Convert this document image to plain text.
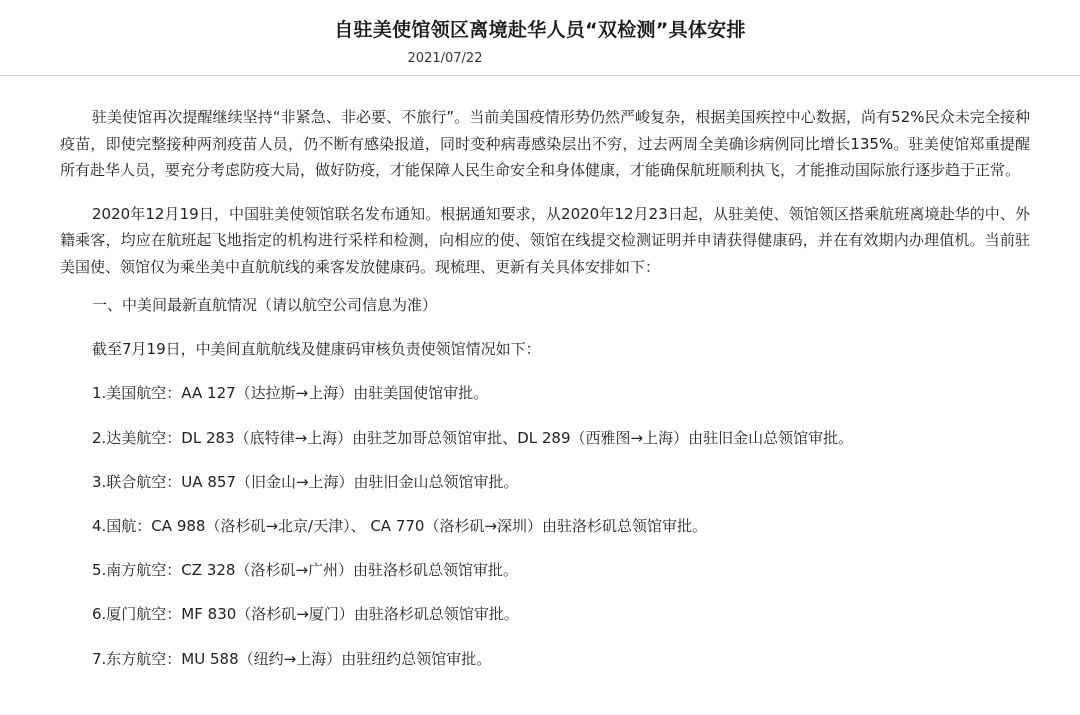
自驻美使馆领区离境赴华人员“双检测”具体安排
2021/07/22

驻美使馆再次提醒继续坚持“非紧急、非必要、不旅行”。当前美国疫情形势仍然严峻复杂，根据美国疾控中心数据，尚有52%民众未完全接种疫苗，即使完整接种两剂疫苗人员，仍不断有感染报道，同时变种病毒感染层出不穷，过去两周全美确诊病例同比增长135%。驻美使馆郑重提醒所有赴华人员，要充分考虑防疫大局，做好防疫，才能保障人民生命安全和身体健康，才能确保航班顺利执飞，才能推动国际旅行逐步趋于正常。

2020年12月19日，中国驻美使领馆联名发布通知。根据通知要求，从2020年12月23日起，从驻美使、领馆领区搭乘航班离境赴华的中、外籍乘客，均应在航班起飞地指定的机构进行采样和检测，向相应的使、领馆在线提交检测证明并申请获得健康码，并在有效期内办理值机。当前驻美国使、领馆仅为乘坐美中直航航线的乘客发放健康码。现梳理、更新有关具体安排如下：

一、中美间最新直航情况（请以航空公司信息为准）
截至7月19日，中美间直航航线及健康码审核负责使领馆情况如下：
1.美国航空：AA 127（达拉斯→上海）由驻美国使馆审批。
2.达美航空：DL 283（底特律→上海）由驻芝加哥总领馆审批、DL 289（西雅图→上海）由驻旧金山总领馆审批。
3.联合航空：UA 857（旧金山→上海）由驻旧金山总领馆审批。
4.国航：CA 988（洛杉矶→北京/天津）、 CA 770（洛杉矶→深圳）由驻洛杉矶总领馆审批。
5.南方航空：CZ 328（洛杉矶→广州）由驻洛杉矶总领馆审批。
6.厦门航空：MF 830（洛杉矶→厦门）由驻洛杉矶总领馆审批。
7.东方航空：MU 588（纽约→上海）由驻纽约总领馆审批。
